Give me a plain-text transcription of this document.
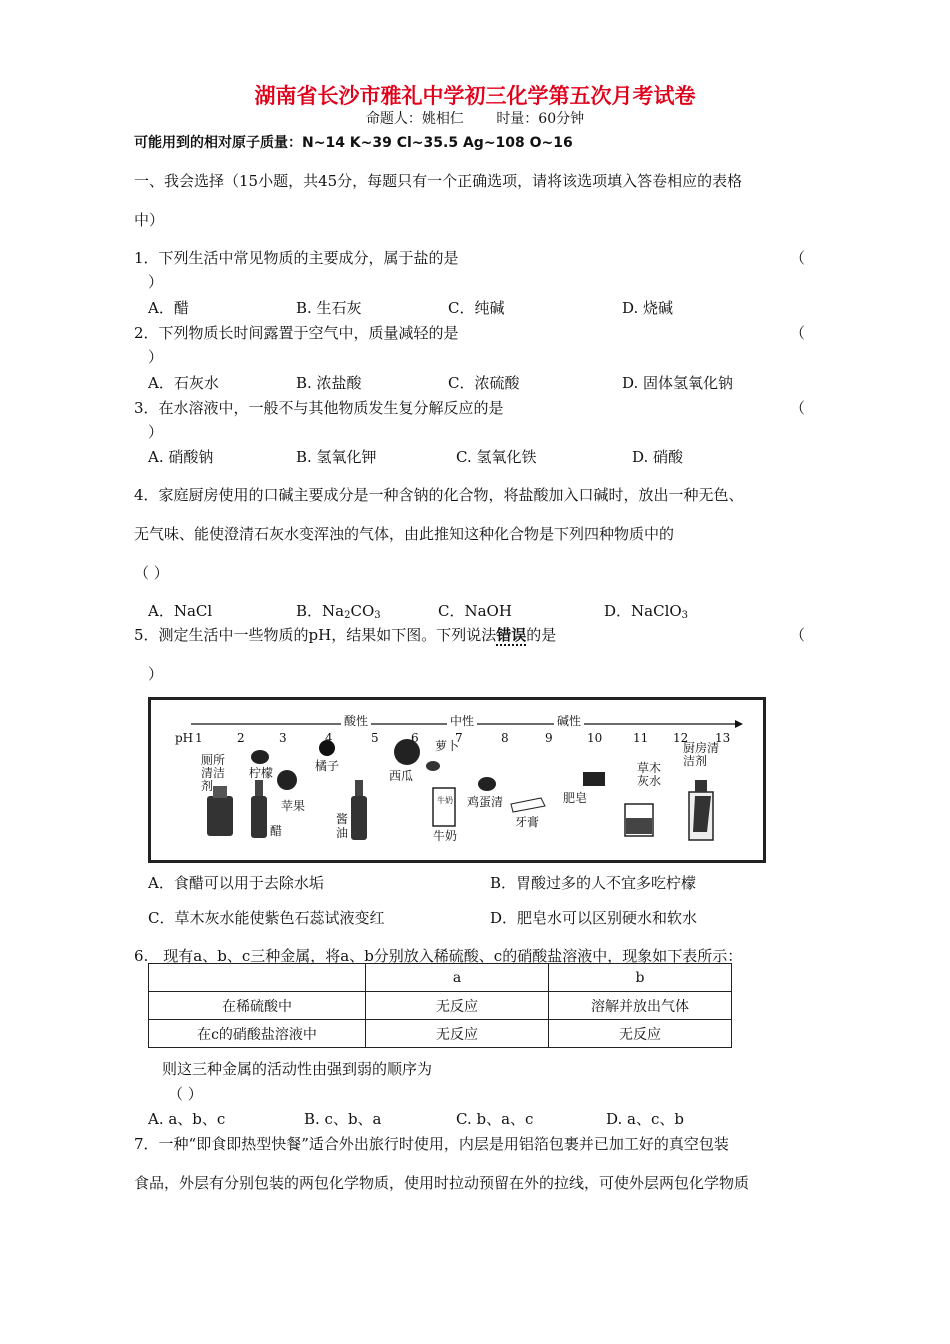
湖南省长沙市雅礼中学初三化学第五次月考试卷
命题人：姚相仁 时量：60分钟
可能用到的相对原子质量：N~14 K~39 Cl~35.5 Ag~108 O~16
一、我会选择（15小题，共45分，每题只有一个正确选项，请将该选项填入答卷相应的表格
中）
1．下列生活中常见物质的主要成分，属于盐的是	（
）
A．醋	B. 生石灰	C．纯碱	D. 烧碱
2．下列物质长时间露置于空气中，质量减轻的是	（
）
A．石灰水	B. 浓盐酸	C．浓硫酸	D. 固体氢氧化钠
3．在水溶液中，一般不与其他物质发生复分解反应的是	（
）
A. 硝酸钠	B. 氢氧化钾	C. 氢氧化铁	D. 硝酸
4．家庭厨房使用的口碱主要成分是一种含钠的化合物，将盐酸加入口碱时，放出一种无色、
无气味、能使澄清石灰水变浑浊的气体，由此推知这种化合物是下列四种物质中的
（ ）
A．NaCl	B．$Na_2CO_3$	C．NaOH	D．NaClO$_3$
5．测定生活中一些物质的pH，结果如下图。下列说法错误的是	（
）
酸性	中性	碱性
pH 1	2	3	4	5	6	7	8	9	10	11 12 13
厕所清洁剂
柠檬
醋
苹果
橘子
酱油
西瓜
萝卜
牛奶
牛奶
鸡蛋清
牙膏
肥皂
草木灰水
厨房清洁剂
A．食醋可以用于去除水垢	B．胃酸过多的人不宜多吃柠檬
C．草木灰水能使紫色石蕊试液变红	D．肥皂水可以区别硬水和软水
6.　现有a、b、c三种金属，将a、b分别放入稀硫酸、c的硝酸盐溶液中，现象如下表所示：
	a	b
在稀硫酸中	无反应	溶解并放出气体
在c的硝酸盐溶液中	无反应	无反应
则这三种金属的活动性由强到弱的顺序为
（ ）
A. a、b、c	B. c、b、a	C. b、a、c	D. a、c、b
7．一种“即食即热型快餐”适合外出旅行时使用，内层是用铝箔包裹并已加工好的真空包装
食品，外层有分别包装的两包化学物质，使用时拉动预留在外的拉线，可使外层两包化学物质
